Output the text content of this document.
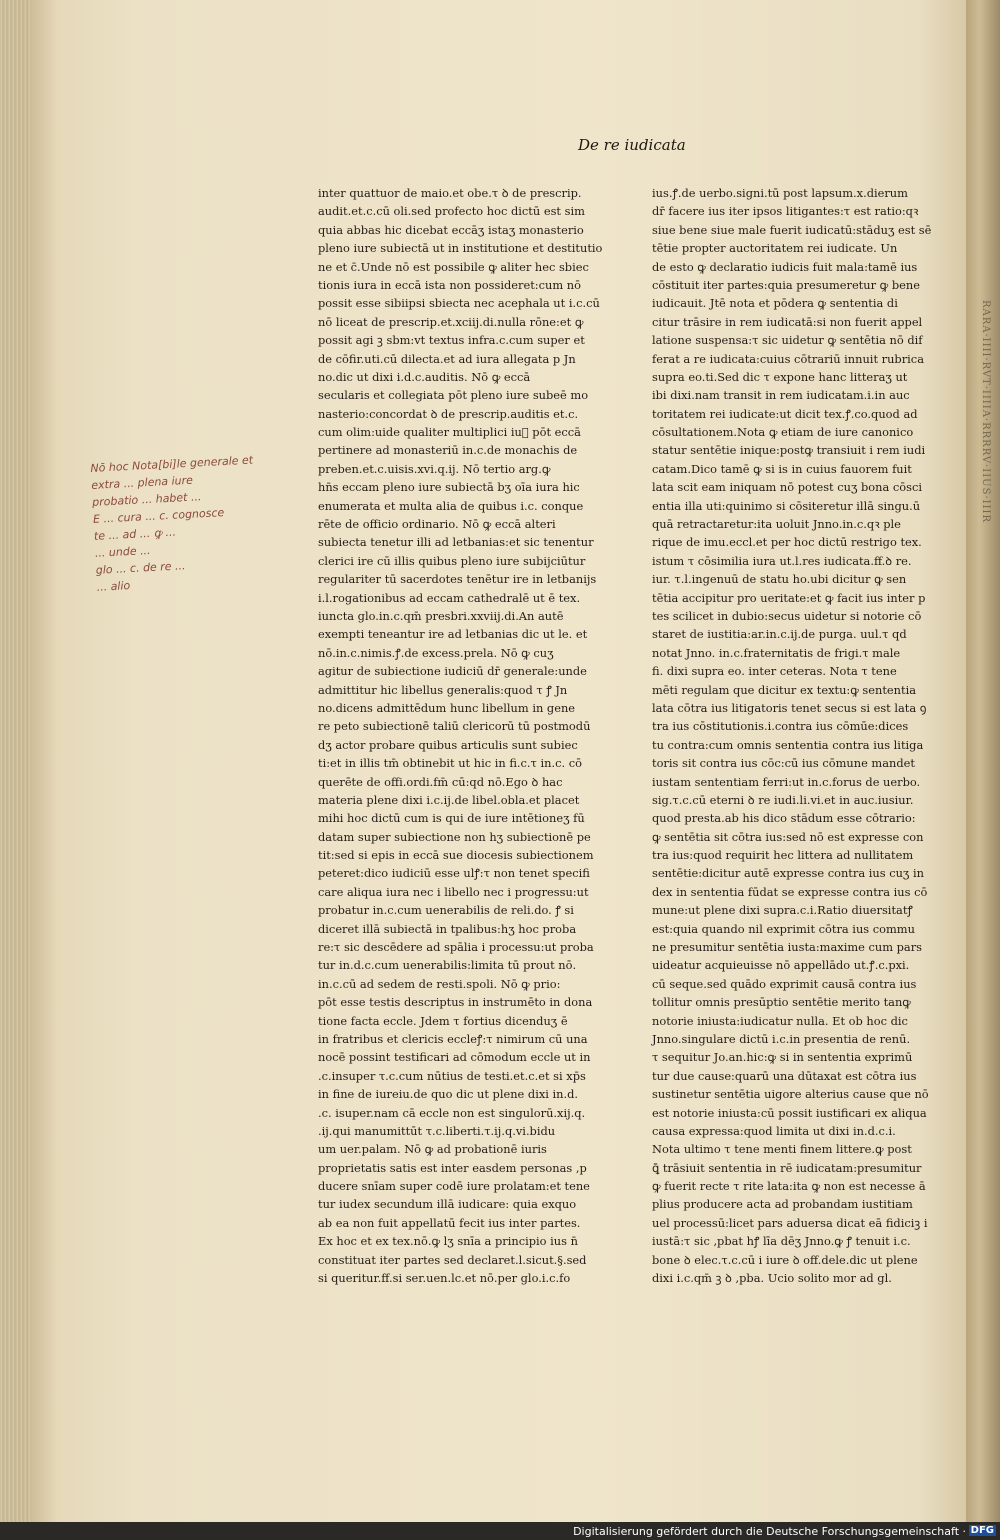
RARA·IIII·RVT·IIIIA·RRRRV·IIUS·IIIR
De re iudicata
inter quattuor de maio.et obe.τ ꝺ de prescrip.
audit.et.c.cū oli.sed profecto hoc dictū est sim
quia abbas hic dicebat eccāʒ istaʒ monasterio
pleno iure subiectā ut in institutione et destitutio
ne et c̄.Unde nō est possibile ꝙ aliter hec sbiec
tionis iura in eccā ista non possideret:cum nō
possit esse sibiipsi sbiecta nec acephala ut i.c.cū
nō liceat de prescrip.et.xciij.di.nulla rōne:et ꝙ
possit agi ꝫ sbm:vt textus infra.c.cum super et
de cōfir.uti.cū dilecta.et ad iura allegata p Jn
no.dic ut dixi i.d.c.auditis. Nō ꝙ eccā
secularis et collegiata pōt pleno iure subeē mo
nasterio:concordat ꝺ de prescrip.auditis et.c.
cum olim:uide qualiter multiplici iuᷓ pōt eccā
pertinere ad monasteriū in.c.de monachis de
preben.et.c.uisis.xvi.q.ij. Nō tertio arg.ꝙ
hn̄s eccam pleno iure subiectā bʒ oīa iura hic
enumerata et multa alia de quibus i.c. conque
rēte de officio ordinario. Nō ꝙ eccā alteri
subiecta tenetur illi ad letbanias:et sic tenentur
clerici ire cū illis quibus pleno iure subijciūtur
regulariter tū sacerdotes tenētur ire in letbanijs
i.l.rogationibus ad eccam cathedralē ut ē tex.
iuncta glo.in.c.qm̄ presbri.xxviij.di.An autē
exempti teneantur ire ad letbanias dic ut le. et
nō.in.c.nimis.ꝭ.de excess.prela. Nō ꝙ cuʒ
agitur de subiectione iudiciū dr̄ generale:unde
admittitur hic libellus generalis:quod τ ꝭ Jn
no.dicens admittēdum hunc libellum in gene
re peto subiectionē taliū clericorū tū postmodū
dʒ actor probare quibus articulis sunt subiec
ti:et in illis tm̄ obtinebit ut hic in fi.c.τ in.c. cō
querēte de offi.ordi.fm̄ cū:qd nō.Ego ꝺ hac
materia plene dixi i.c.ij.de libel.obla.et placet
mihi hoc dictū cum is qui de iure intētioneʒ fū
datam super subiectione non hʒ subiectionē pe
tit:sed si epis in eccā sue diocesis subiectionem
peteret:dico iudiciū esse ulꝭ:τ non tenet specifi
care aliqua iura nec i libello nec i progressu:ut
probatur in.c.cum uenerabilis de reli.do. ꝭ si
diceret illā subiectā in tpalibus:hʒ hoc proba
re:τ sic descēdere ad spālia i processu:ut proba
tur in.d.c.cum uenerabilis:limita tū prout nō.
in.c.cū ad sedem de resti.spoli. Nō ꝙ prio:
pōt esse testis descriptus in instrumēto in dona
tione facta eccle. Jdem τ fortius dicenduʒ ē
in fratribus et clericis eccleꝭ:τ nimirum cū una
nocē possint testificari ad cōmodum eccle ut in
.c.insuper τ.c.cum nūtius de testi.et.c.et si xp̄s
in fine de iureiu.de quo dic ut plene dixi in.d.
.c. isuper.nam cā eccle non est singulorū.xij.q.
.ij.qui manumittūt τ.c.liberti.τ.ij.q.vi.bidu
um uer.palam. Nō ꝙ ad probationē iuris
proprietatis satis est inter easdem personas ,p
ducere snīam super codē iure prolatam:et tene
tur iudex secundum illā iudicare: quia exquo
ab ea non fuit appellatū fecit ius inter partes.
Ex hoc et ex tex.nō.ꝙ lʒ snīa a principio ius n̄
constituat iter partes sed declaret.l.sicut.§.sed
si queritur.ff.si ser.uen.lc.et nō.per glo.i.c.fo
ius.ꝭ.de uerbo.signi.tū post lapsum.x.dierum
dr̄ facere ius iter ipsos litigantes:τ est ratio:qꝛ
siue bene siue male fuerit iudicatū:stāduʒ est sē
tētie propter auctoritatem rei iudicate. Un
de esto ꝙ declaratio iudicis fuit mala:tamē ius
cōstituit iter partes:quia presumeretur ꝙ bene
iudicauit. Jtē nota et pōdera ꝙ sententia di
citur trāsire in rem iudicatā:si non fuerit appel
latione suspensa:τ sic uidetur ꝙ sentētia nō dif
ferat a re iudicata:cuius cōtrariū innuit rubrica
supra eo.ti.Sed dic τ expone hanc litteraʒ ut
ibi dixi.nam transit in rem iudicatam.i.in auc
toritatem rei iudicate:ut dicit tex.ꝭ.co.quod ad
cōsultationem.Nota ꝙ etiam de iure canonico
statur sentētie inique:postꝙ transiuit i rem iudi
catam.Dico tamē ꝙ si is in cuius fauorem fuit
lata scit eam iniquam nō potest cuʒ bona cōsci
entia illa uti:quinimo si cōsiteretur illā singu.ū
quā retractaretur:ita uoluit Jnno.in.c.qꝛ ple
rique de imu.eccl.et per hoc dictū restrigo tex.
istum τ cōsimilia iura ut.l.res iudicata.ff.ꝺ re.
iur. τ.l.ingenuū de statu ho.ubi dicitur ꝙ sen
tētia accipitur pro ueritate:et ꝙ facit ius inter p
tes scilicet in dubio:secus uidetur si notorie cō
staret de iustitia:ar.in.c.ij.de purga. uul.τ qd
notat Jnno. in.c.fraternitatis de frigi.τ male
fi. dixi supra eo. inter ceteras. Nota τ tene
mēti regulam que dicitur ex textu:ꝙ sententia
lata cōtra ius litigatoris tenet secus si est lata ꝯ
tra ius cōstitutionis.i.contra ius cōmūe:dices
tu contra:cum omnis sententia contra ius litiga
toris sit contra ius cōc:cū ius cōmune mandet
iustam sententiam ferri:ut in.c.forus de uerbo.
sig.τ.c.cū eterni ꝺ re iudi.li.vi.et in auc.iusiur.
quod presta.ab his dico stādum esse cōtrario:
ꝙ sentētia sit cōtra ius:sed nō est expresse con
tra ius:quod requirit hec littera ad nullitatem
sentētie:dicitur autē expresse contra ius cuʒ in
dex in sententia fūdat se expresse contra ius cō
mune:ut plene dixi supra.c.i.Ratio diuersitatꝭ
est:quia quando nil exprimit cōtra ius commu
ne presumitur sentētia iusta:maxime cum pars
uideatur acquieuisse nō appellādo ut.ꝭ.c.pxi.
cū seque.sed quādo exprimit causā contra ius
tollitur omnis presūptio sentētie merito tanꝙ
notorie iniusta:iudicatur nulla. Et ob hoc dic
Jnno.singulare dictū i.c.in presentia de renū.
τ sequitur Jo.an.hic:ꝙ si in sententia exprimū
tur due cause:quarū una dūtaxat est cōtra ius
sustinetur sentētia uigore alterius cause que nō
est notorie iniusta:cū possit iustificari ex aliqua
causa expressa:quod limita ut dixi in.d.c.i.
Nota ultimo τ tene menti finem littere.ꝙ post
ꝗ̄ trāsiuit sententia in rē iudicatam:presumitur
ꝙ fuerit recte τ rite lata:ita ꝙ non est necesse ā
plius producere acta ad probandam iustitiam
uel processū:licet pars aduersa dicat eā fidiciꝫ i
iustā:τ sic ,pbat hꝭ līa dēʒ Jnno.ꝙ ꝭ tenuit i.c.
bone ꝺ elec.τ.c.cū i iure ꝺ off.dele.dic ut plene
dixi i.c.qm̄ ꝫ ꝺ ,pba. Ucio solito mor ad gl.
Nō hoc Nota[bi]le generale et
extra ... plena iure
probatio ... habet ...
E ... cura ... c. cognosce
te ... ad ... ꝙ ...
... unde ...
glo ... c. de re ...
... alio
Digitalisierung gefördert durch die Deutsche Forschungsgemeinschaft · DFG
